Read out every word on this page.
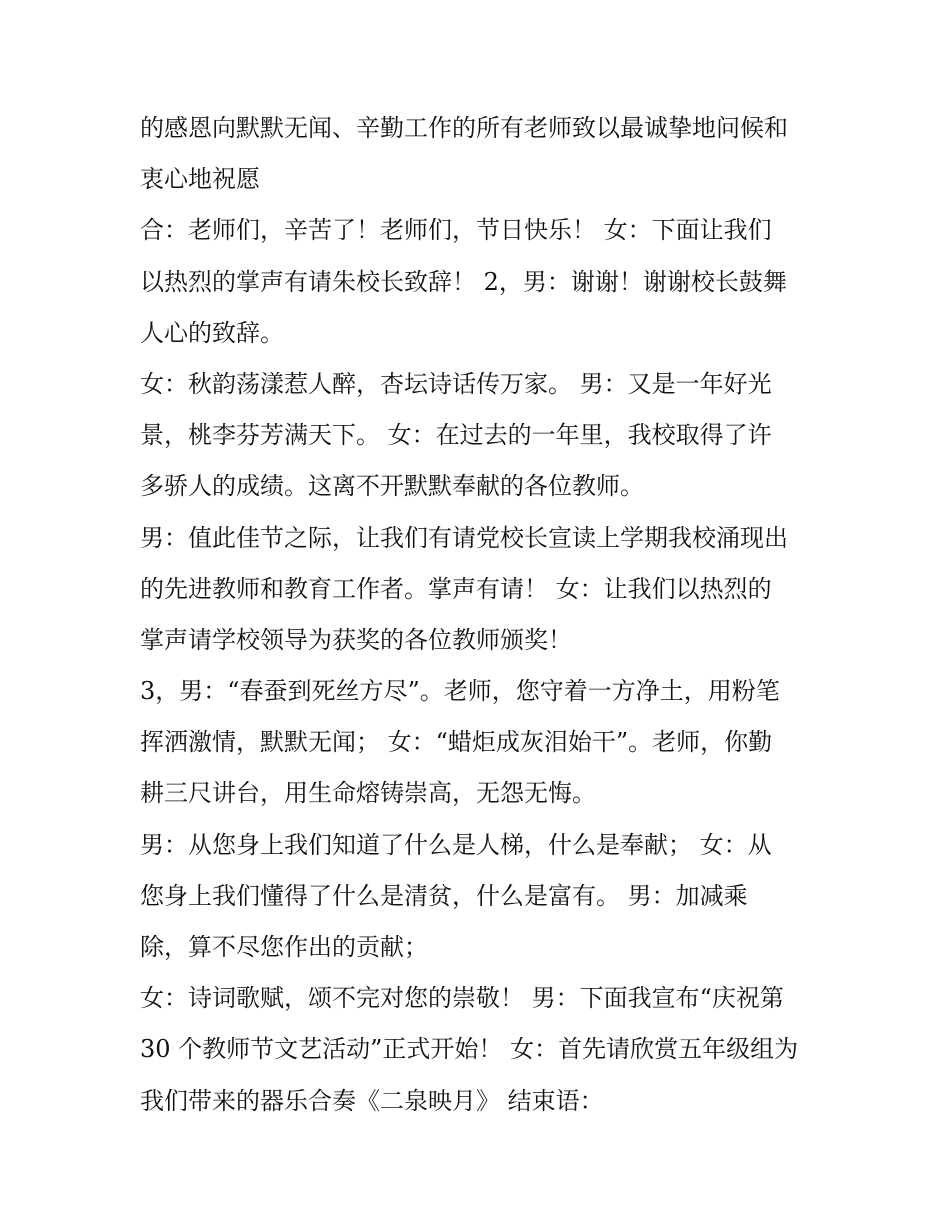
的感恩向默默无闻、辛勤工作的所有老师致以最诚挚地问候和
衷心地祝愿
合：老师们，辛苦了！老师们，节日快乐！ 女：下面让我们
以热烈的掌声有请朱校长致辞！ 2，男：谢谢！谢谢校长鼓舞
人心的致辞。
女：秋韵荡漾惹人醉，杏坛诗话传万家。 男：又是一年好光
景，桃李芬芳满天下。 女：在过去的一年里，我校取得了许
多骄人的成绩。这离不开默默奉献的各位教师。
男：值此佳节之际，让我们有请党校长宣读上学期我校涌现出
的先进教师和教育工作者。掌声有请！ 女：让我们以热烈的
掌声请学校领导为获奖的各位教师颁奖！
3，男：“春蚕到死丝方尽”。老师，您守着一方净土，用粉笔
挥洒激情，默默无闻； 女：“蜡炬成灰泪始干”。老师，你勤
耕三尺讲台，用生命熔铸崇高，无怨无悔。
男：从您身上我们知道了什么是人梯，什么是奉献； 女：从
您身上我们懂得了什么是清贫，什么是富有。 男：加减乘
除，算不尽您作出的贡献；
女：诗词歌赋，颂不完对您的崇敬！ 男：下面我宣布“庆祝第
30 个教师节文艺活动”正式开始！ 女：首先请欣赏五年级组为
我们带来的器乐合奏《二泉映月》 结束语：
